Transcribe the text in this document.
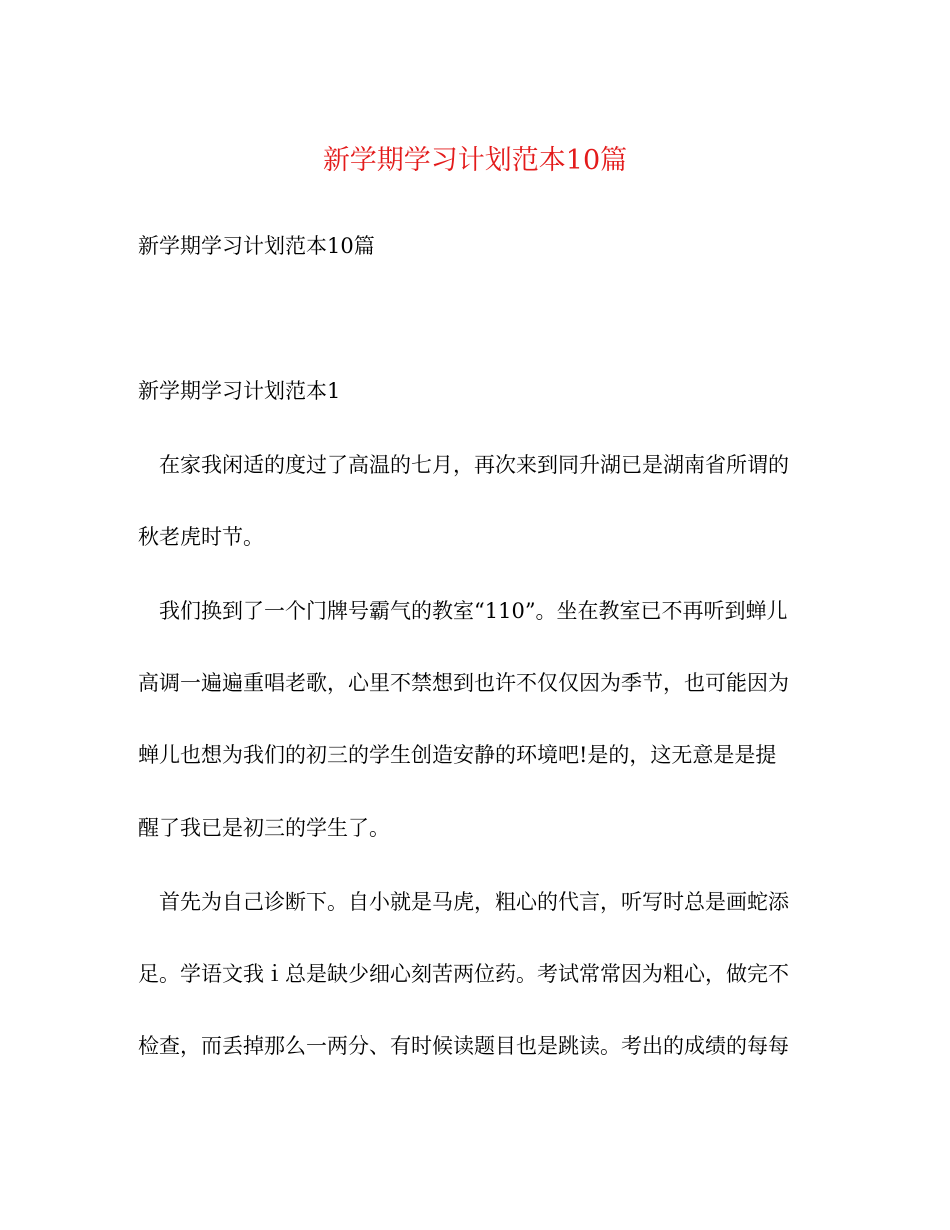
新学期学习计划范本10篇
新学期学习计划范本10篇
新学期学习计划范本1
　在家我闲适的度过了高温的七月，再次来到同升湖已是湖南省所谓的
秋老虎时节。
　我们换到了一个门牌号霸气的教室“110”。坐在教室已不再听到蝉儿
高调一遍遍重唱老歌，心里不禁想到也许不仅仅因为季节，也可能因为
蝉儿也想为我们的初三的学生创造安静的环境吧!是的，这无意是是提
醒了我已是初三的学生了。
　首先为自己诊断下。自小就是马虎，粗心的代言，听写时总是画蛇添
足。学语文我ｉ总是缺少细心刻苦两位药。考试常常因为粗心，做完不
检查，而丢掉那么一两分、有时候读题目也是跳读。考出的成绩的每每
